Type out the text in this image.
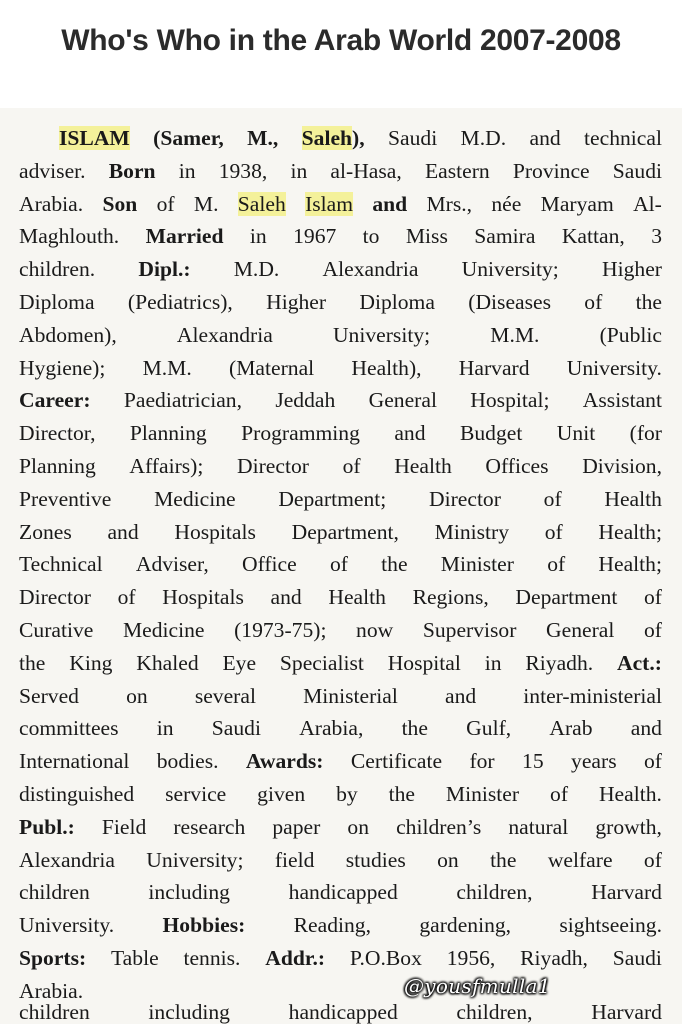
Who's Who in the Arab World 2007-2008
ISLAM (Samer, M., Saleh), Saudi M.D. and technical
adviser. Born in 1938, in al-Hasa, Eastern Province Saudi
Arabia. Son of M. Saleh Islam and Mrs., née Maryam Al-
Maghlouth. Married in 1967 to Miss Samira Kattan, 3
children. Dipl.: M.D. Alexandria University; Higher
Diploma (Pediatrics), Higher Diploma (Diseases of the
Abdomen),	Alexandria	University;	M.M.	(Public
Hygiene); M.M. (Maternal Health), Harvard University.
Career: Paediatrician, Jeddah General Hospital; Assistant
Director, Planning Programming and Budget Unit (for
Planning Affairs); Director of Health Offices Division,
Preventive Medicine Department; Director of Health
Zones and Hospitals Department, Ministry of Health;
Technical Adviser, Office of the Minister of Health;
Director of Hospitals and Health Regions, Department of
Curative Medicine (1973-75); now Supervisor General of
the King Khaled Eye Specialist Hospital in Riyadh. Act.:
Served on several Ministerial and inter-ministerial
committees in Saudi Arabia, the Gulf, Arab and
International bodies. Awards: Certificate for 15 years of
distinguished service given by the Minister of Health.
Publ.: Field research paper on children’s natural growth,
Alexandria University; field studies on the welfare of
children	including	handicapped	children,	Harvard
University. Hobbies: Reading, gardening, sightseeing.
Sports: Table tennis. Addr.: P.O.Box 1956, Riyadh, Saudi
Arabia.	@yousfmulla1
